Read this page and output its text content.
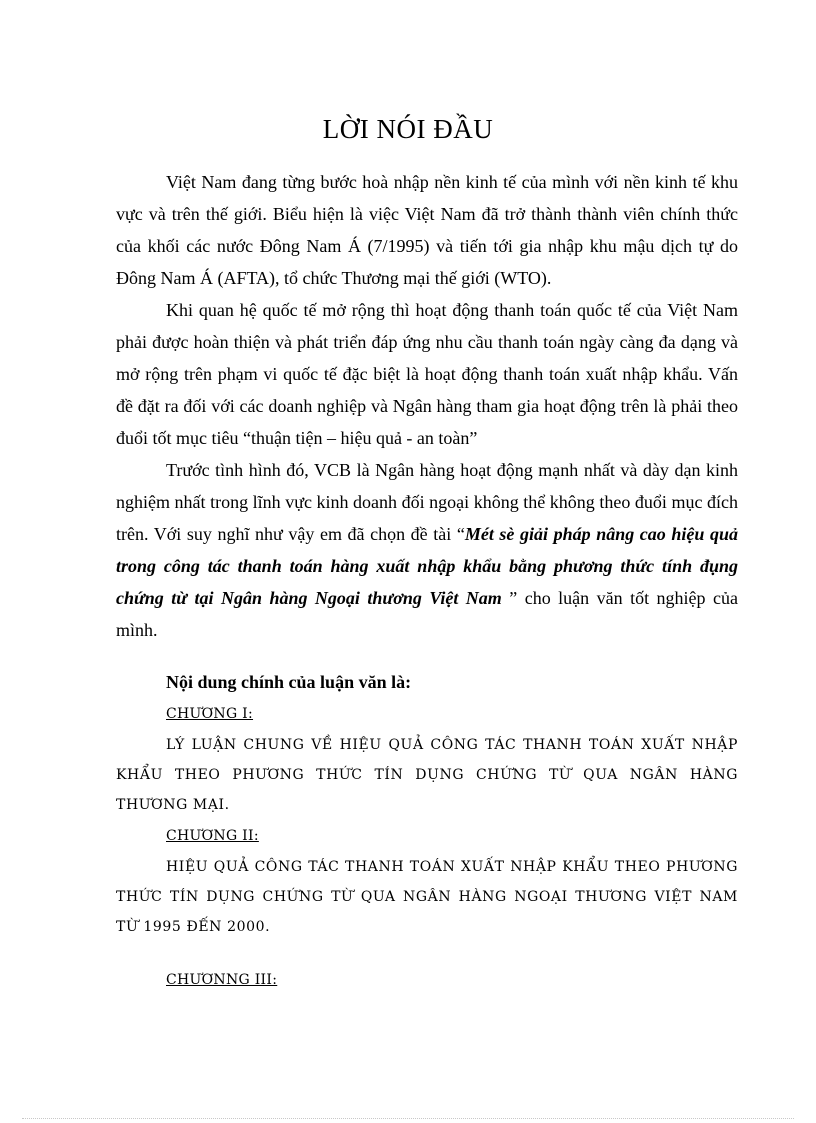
LỜI NÓI ĐẦU

Việt Nam đang từng bước hoà nhập nền kinh tế của mình với nền kinh tế khu vực và trên thế giới. Biểu hiện là việc Việt Nam đã trở thành thành viên chính thức của khối các nước Đông Nam Á (7/1995) và tiến tới gia nhập khu mậu dịch tự do Đông Nam Á (AFTA), tổ chức Thương mại thế giới (WTO).

Khi quan hệ quốc tế mở rộng thì hoạt động thanh toán quốc tế của Việt Nam phải được hoàn thiện và phát triển đáp ứng nhu cầu thanh toán ngày càng đa dạng và mở rộng trên phạm vi quốc tế đặc biệt là hoạt động thanh toán xuất nhập khẩu. Vấn đề đặt ra đối với các doanh nghiệp và Ngân hàng tham gia hoạt động trên là phải theo đuổi tốt mục tiêu “thuận tiện – hiệu quả - an toàn”

Trước tình hình đó, VCB là Ngân hàng hoạt động mạnh nhất và dày dạn kinh nghiệm nhất trong lĩnh vực kinh doanh đối ngoại không thể không theo đuổi mục đích trên. Với suy nghĩ như vậy em đã chọn đề tài “Mét sè giải pháp nâng cao hiệu quả trong công tác thanh toán hàng xuất nhập khẩu bằng phương thức tính đụng chứng từ tại Ngân hàng Ngoại thương Việt Nam ” cho luận văn tốt nghiệp của mình.

Nội dung chính của luận văn là:
CHƯƠNG I:
LÝ LUẬN CHUNG VỀ HIỆU QUẢ CÔNG TÁC THANH TOÁN XUẤT NHẬP KHẨU THEO PHƯƠNG THỨC TÍN DỤNG CHỨNG TỪ QUA NGÂN HÀNG THƯƠNG MẠI.
CHƯƠNG II:
HIỆU QUẢ CÔNG TÁC THANH TOÁN XUẤT NHẬP KHẨU THEO PHƯƠNG THỨC TÍN DỤNG CHỨNG TỪ QUA NGÂN HÀNG NGOẠI THƯƠNG VIỆT NAM TỪ 1995 ĐẾN 2000.
CHƯƠNNG III:
